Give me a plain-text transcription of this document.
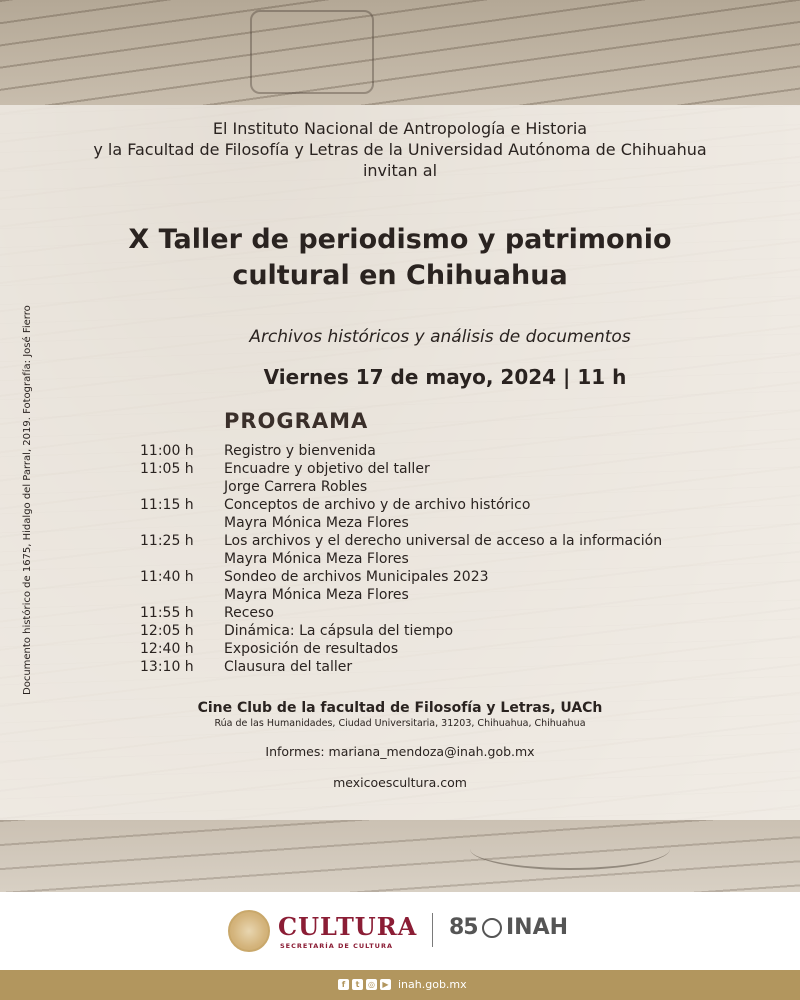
El Instituto Nacional de Antropología e Historia
y la Facultad de Filosofía y Letras de la Universidad Autónoma de Chihuahua
invitan al
X Taller de periodismo y patrimonio
cultural en Chihuahua
Archivos históricos y análisis de documentos
Viernes 17 de mayo, 2024 | 11 h
PROGRAMA
11:00 h	Registro y bienvenida
11:05 h	Encuadre y objetivo del taller
Jorge Carrera Robles
11:15 h	Conceptos de archivo y de archivo histórico
Mayra Mónica Meza Flores
11:25 h	Los archivos y el derecho universal de acceso a la información
Mayra Mónica Meza Flores
11:40 h	Sondeo de archivos Municipales 2023
Mayra Mónica Meza Flores
11:55 h	Receso
12:05 h	Dinámica: La cápsula del tiempo
12:40 h	Exposición de resultados
13:10 h	Clausura del taller
Cine Club de la facultad de Filosofía y Letras, UACh
Rúa de las Humanidades, Ciudad Universitaria, 31203, Chihuahua, Chihuahua
Informes: mariana_mendoza@inah.gob.mx
mexicoescultura.com
Documento histórico de 1675, Hidalgo del Parral, 2019. Fotografía: José Fierro
CULTURA
SECRETARÍA DE CULTURA
85 INAH
f	t	◎ ▶ inah.gob.mx
